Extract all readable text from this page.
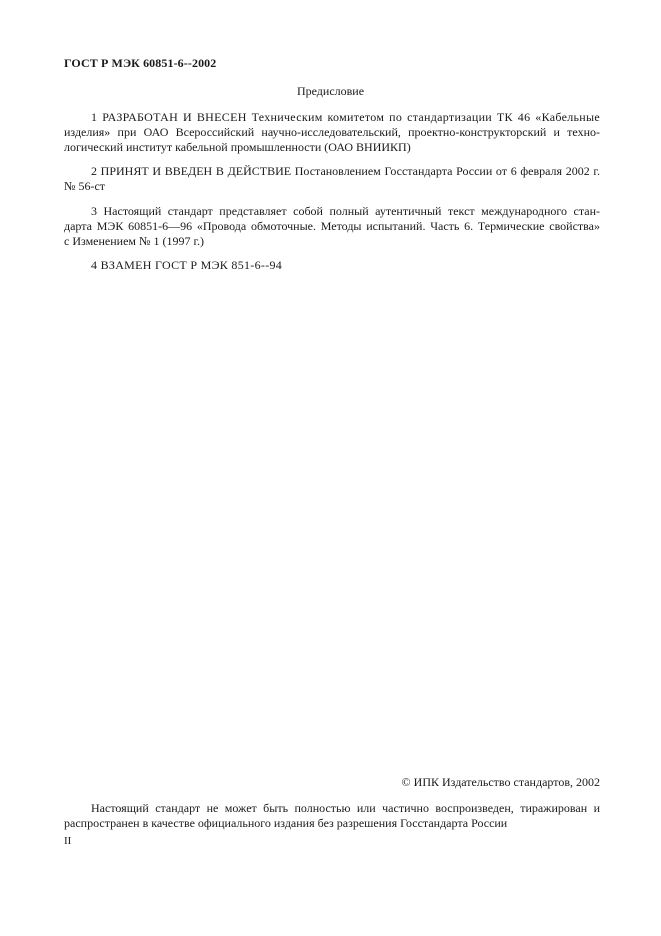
ГОСТ Р МЭК 60851-6--2002
Предисловие
1 РАЗРАБОТАН И ВНЕСЕН Техническим комитетом по стандартизации ТК 46 «Кабельные
изделия» при ОАО Всероссийский научно-исследовательский, проектно-конструкторский и техно-
логический институт кабельной промышленности (ОАО ВНИИКП)
2 ПРИНЯТ И ВВЕДЕН В ДЕЙСТВИЕ Постановлением Госстандарта России от 6 февраля 2002 г.
№ 56-ст
3 Настоящий стандарт представляет собой полный аутентичный текст международного стан-
дарта МЭК 60851-6—96 «Провода обмоточные. Методы испытаний. Часть 6. Термические свойства»
с Изменением № 1 (1997 г.)
4 ВЗАМЕН ГОСТ Р МЭК 851-6--94
© ИПК Издательство стандартов, 2002
Настоящий стандарт не может быть полностью или частично воспроизведен, тиражирован и
распространен в качестве официального издания без разрешения Госстандарта России
II
